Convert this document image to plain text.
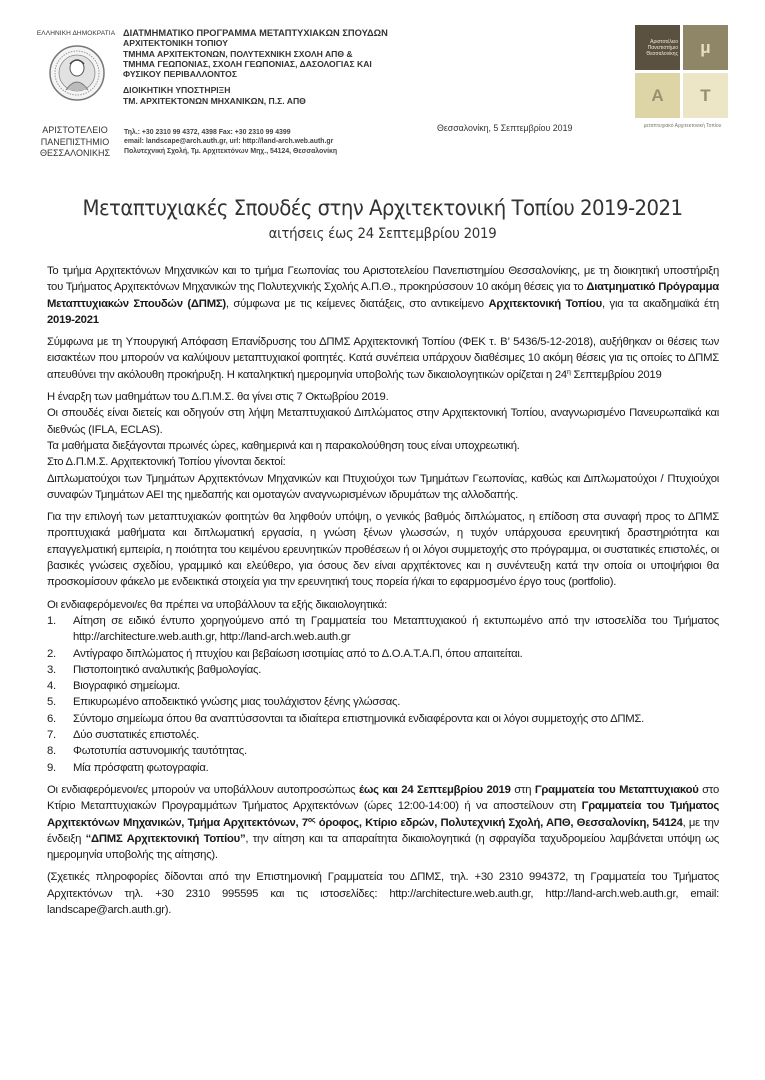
ΕΛΛΗΝΙΚΗ ΔΗΜΟΚΡΑΤΙΑ
ΑΡΙΣΤΟΤΕΛΕΙΟ
ΠΑΝΕΠΙΣΤΗΜΙΟ
ΘΕΣΣΑΛΟΝΙΚΗΣ
ΔΙΑΤΜΗΜΑΤΙΚΟ ΠΡΟΓΡΑΜΜΑ ΜΕΤΑΠΤΥΧΙΑΚΩΝ ΣΠΟΥΔΩΝ
ΑΡΧΙΤΕΚΤΟΝΙΚΗ ΤΟΠΙΟΥ
ΤΜΗΜΑ ΑΡΧΙΤΕΚΤΟΝΩΝ, ΠΟΛΥΤΕΧΝΙΚΗ ΣΧΟΛΗ ΑΠΘ &
ΤΜΗΜΑ ΓΕΩΠΟΝΙΑΣ, ΣΧΟΛΗ ΓΕΩΠΟΝΙΑΣ, ΔΑΣΟΛΟΓΙΑΣ ΚΑΙ
ΦΥΣΙΚΟΥ ΠΕΡΙΒΑΛΛΟΝΤΟΣ
ΔΙΟΙΚΗΤΙΚΗ ΥΠΟΣΤΗΡΙΞΗ
ΤΜ. ΑΡΧΙΤΕΚΤΟΝΩΝ ΜΗΧΑΝΙΚΩΝ, Π.Σ. ΑΠΘ
Τηλ.: +30 2310 99 4372, 4398 Fax: +30 2310 99 4399
email: landscape@arch.auth.gr, url: http://land-arch.web.auth.gr
Πολυτεχνική Σχολή, Τμ. Αρχιτεκτόνων Μηχ., 54124, Θεσσαλονίκη
Θεσσαλονίκη, 5 Σεπτεμβρίου 2019
Αριστοτέλειο
Πανεπιστήμιο
Θεσσαλονίκης	μ
Α	Τ
μεταπτυχιακό Αρχιτεκτονική Τοπίου
Μεταπτυχιακές Σπουδές στην Αρχιτεκτονική Τοπίου 2019-2021
αιτήσεις έως 24 Σεπτεμβρίου 2019

Το τμήμα Αρχιτεκτόνων Μηχανικών και το τμήμα Γεωπονίας του Αριστοτελείου Πανεπιστημίου Θεσσαλονίκης, με τη διοικητική υποστήριξη του Τμήματος Αρχιτεκτόνων Μηχανικών της Πολυτεχνικής Σχολής Α.Π.Θ., προκηρύσσουν 10 ακόμη θέσεις για το Διατμηματικό Πρόγραμμα Μεταπτυχιακών Σπουδών (ΔΠΜΣ), σύμφωνα με τις κείμενες διατάξεις, στο αντικείμενο Αρχιτεκτονική Τοπίου, για τα ακαδημαϊκά έτη 2019-2021

Σύμφωνα με τη Υπουργική Απόφαση Επανίδρυσης του ΔΠΜΣ Αρχιτεκτονική Τοπίου (ΦΕΚ τ. Β’ 5436/5-12-2018), αυξήθηκαν οι θέσεις των εισακτέων που μπορούν να καλύψουν μεταπτυχιακοί φοιτητές. Κατά συνέπεια υπάρχουν διαθέσιμες 10 ακόμη θέσεις για τις οποίες το ΔΠΜΣ απευθύνει την ακόλουθη προκήρυξη. Η καταληκτική ημερομηνία υποβολής των δικαιολογητικών ορίζεται η $24^\eta$ Σεπτεμβρίου 2019

Η έναρξη των μαθημάτων του Δ.Π.Μ.Σ. θα γίνει στις 7 Οκτωβρίου 2019.

Οι σπουδές είναι διετείς και οδηγούν στη λήψη Μεταπτυχιακού Διπλώματος στην Αρχιτεκτονική Τοπίου, αναγνωρισμένο Πανευρωπαϊκά και διεθνώς (IFLA, ECLAS).

Τα μαθήματα διεξάγονται πρωινές ώρες, καθημερινά και η παρακολούθηση τους είναι υποχρεωτική.

Στο Δ.Π.Μ.Σ. Αρχιτεκτονική Τοπίου γίνονται δεκτοί:

Διπλωματούχοι των Τμημάτων Αρχιτεκτόνων Μηχανικών και Πτυχιούχοι των Τμημάτων Γεωπονίας, καθώς και Διπλωματούχοι / Πτυχιούχοι συναφών Τμημάτων ΑΕΙ της ημεδαπής και ομοταγών αναγνωρισμένων ιδρυμάτων της αλλοδαπής.

Για την επιλογή των μεταπτυχιακών φοιτητών θα ληφθούν υπόψη, ο γενικός βαθμός διπλώματος, η επίδοση στα συναφή προς το ΔΠΜΣ προπτυχιακά μαθήματα και διπλωματική εργασία, η γνώση ξένων γλωσσών, η τυχόν υπάρχουσα ερευνητική δραστηριότητα και επαγγελματική εμπειρία, η ποιότητα του κειμένου ερευνητικών προθέσεων ή οι λόγοι συμμετοχής στο πρόγραμμα, οι συστατικές επιστολές, οι βασικές γνώσεις σχεδίου, γραμμικό και ελεύθερο, για όσους δεν είναι αρχιτέκτονες και η συνέντευξη κατά την οποία οι υποψήφιοι θα προσκομίσουν φάκελο με ενδεικτικά στοιχεία για την ερευνητική τους πορεία ή/και το εφαρμοσμένο έργο τους (portfolio).

Οι ενδιαφερόμενοι/ες θα πρέπει να υποβάλλουν τα εξής δικαιολογητικά:

1.	Αίτηση σε ειδικό έντυπο χορηγούμενο από τη Γραμματεία του Μεταπτυχιακού ή εκτυπωμένο από την ιστοσελίδα του Τμήματος http://architecture.web.auth.gr, http://land-arch.web.auth.gr
2.	Αντίγραφο διπλώματος ή πτυχίου και βεβαίωση ισοτιμίας από το Δ.Ο.Α.Τ.Α.Π, όπου απαιτείται.
3.	Πιστοποιητικό αναλυτικής βαθμολογίας.
4.	Βιογραφικό σημείωμα.
5.	Επικυρωμένο αποδεικτικό γνώσης μιας τουλάχιστον ξένης γλώσσας.
6.	Σύντομο σημείωμα όπου θα αναπτύσσονται τα ιδιαίτερα επιστημονικά ενδιαφέροντα και οι λόγοι συμμετοχής στο ΔΠΜΣ.
7.	Δύο συστατικές επιστολές.
8.	Φωτοτυπία αστυνομικής ταυτότητας.
9.	Μία πρόσφατη φωτογραφία.

Οι ενδιαφερόμενοι/ες μπορούν να υποβάλλουν αυτοπροσώπως έως και 24 Σεπτεμβρίου 2019 στη Γραμματεία του Μεταπτυχιακού στο Κτίριο Μεταπτυχιακών Προγραμμάτων Τμήματος Αρχιτεκτόνων (ώρες 12:00-14:00) ή να αποστείλουν στη Γραμματεία του Τμήματος Αρχιτεκτόνων Μηχανικών, Τμήμα Αρχιτεκτόνων, $7^{o\varsigma}$ όροφος, Κτίριο εδρών, Πολυτεχνική Σχολή, ΑΠΘ, Θεσσαλονίκη, 54124, με την ένδειξη “ΔΠΜΣ Αρχιτεκτονική Τοπίου”, την αίτηση και τα απαραίτητα δικαιολογητικά (η σφραγίδα ταχυδρομείου λαμβάνεται υπόψη ως ημερομηνία υποβολής της αίτησης).

(Σχετικές πληροφορίες δίδονται από την Επιστημονική Γραμματεία του ΔΠΜΣ, τηλ. +30 2310 994372, τη Γραμματεία του Τμήματος Αρχιτεκτόνων τηλ. +30 2310 995595 και τις ιστοσελίδες: http://architecture.web.auth.gr, http://land-arch.web.auth.gr, email: landscape@arch.auth.gr).
